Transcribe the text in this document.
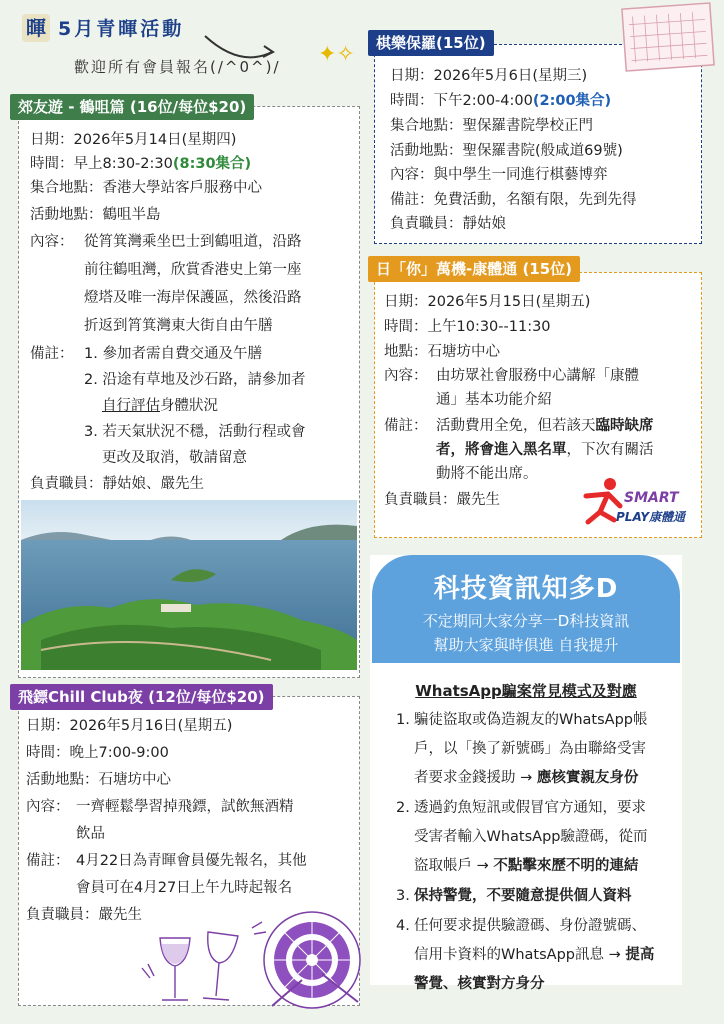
暉 5月青暉活動
歡迎所有會員報名(/^0^)/ ✦✧
郊友遊 - 鶴咀篇 (16位/每位$20)
日期：2026年5月14日(星期四)
時間：早上8:30-2:30(8:30集合)
集合地點：香港大學站客戶服務中心
活動地點：鶴咀半島
內容： 從筲箕灣乘坐巴士到鶴咀道，沿路
前往鶴咀灣，欣賞香港史上第一座
燈塔及唯一海岸保護區，然後沿路
折返到筲箕灣東大街自由午膳
備註： 1. 參加者需自費交通及午膳
2. 沿途有草地及沙石路，請參加者
自行評估身體狀況
3. 若天氣狀況不穩，活動行程或會
更改及取消，敬請留意
負責職員：靜姑娘、嚴先生
飛鏢Chill Club夜 (12位/每位$20)
日期：2026年5月16日(星期五)
時間：晚上7:00-9:00
活動地點：石塘坊中心
內容： 一齊輕鬆學習掉飛鏢，試飲無酒精
飲品
備註： 4月22日為青暉會員優先報名，其他
會員可在4月27日上午九時起報名
負責職員：嚴先生
棋樂保羅(15位)
日期：2026年5月6日(星期三)
時間：下午2:00-4:00(2:00集合)
集合地點：聖保羅書院學校正門
活動地點：聖保羅書院(般咸道69號)
內容：與中學生一同進行棋藝博弈
備註：免費活動，名額有限，先到先得
負責職員：靜姑娘
日「你」萬機-康體通 (15位)
日期：2026年5月15日(星期五)
時間：上午10:30--11:30
地點：石塘坊中心
內容： 由坊眾社會服務中心講解「康體
通」基本功能介紹
備註： 活動費用全免，但若該天臨時缺席
者，將會進入黑名單，下次有關活
動將不能出席。
負責職員：嚴先生	SMART
PLAY康體通
科技資訊知多D
不定期同大家分享一D科技資訊
幫助大家與時俱進 自我提升
WhatsApp騙案常見模式及對應
1. 騙徒盜取或偽造親友的WhatsApp帳
戶，以「換了新號碼」為由聯絡受害
者要求金錢援助 → 應核實親友身份
2. 透過釣魚短訊或假冒官方通知，要求
受害者輸入WhatsApp驗證碼，從而
盜取帳戶 → 不點擊來歷不明的連結
3. 保持警覺，不要隨意提供個人資料
4. 任何要求提供驗證碼、身份證號碼、
信用卡資料的WhatsApp訊息 → 提高
警覺、核實對方身分
